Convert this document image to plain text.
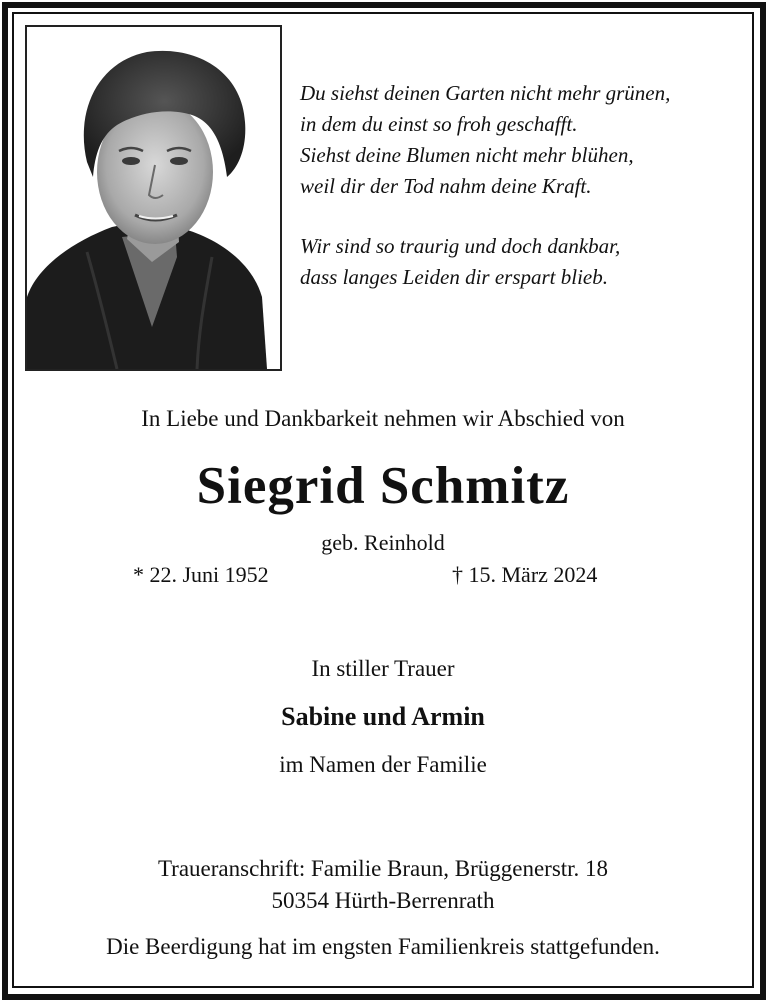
Du siehst deinen Garten nicht mehr grünen,
in dem du einst so froh geschafft.
Siehst deine Blumen nicht mehr blühen,
weil dir der Tod nahm deine Kraft.
Wir sind so traurig und doch dankbar,
dass langes Leiden dir erspart blieb.
In Liebe und Dankbarkeit nehmen wir Abschied von
Siegrid Schmitz
geb. Reinhold
* 22. Juni 1952	† 15. März 2024
In stiller Trauer
Sabine und Armin
im Namen der Familie
Traueranschrift: Familie Braun, Brüggenerstr. 18
50354 Hürth-Berrenrath
Die Beerdigung hat im engsten Familienkreis stattgefunden.
